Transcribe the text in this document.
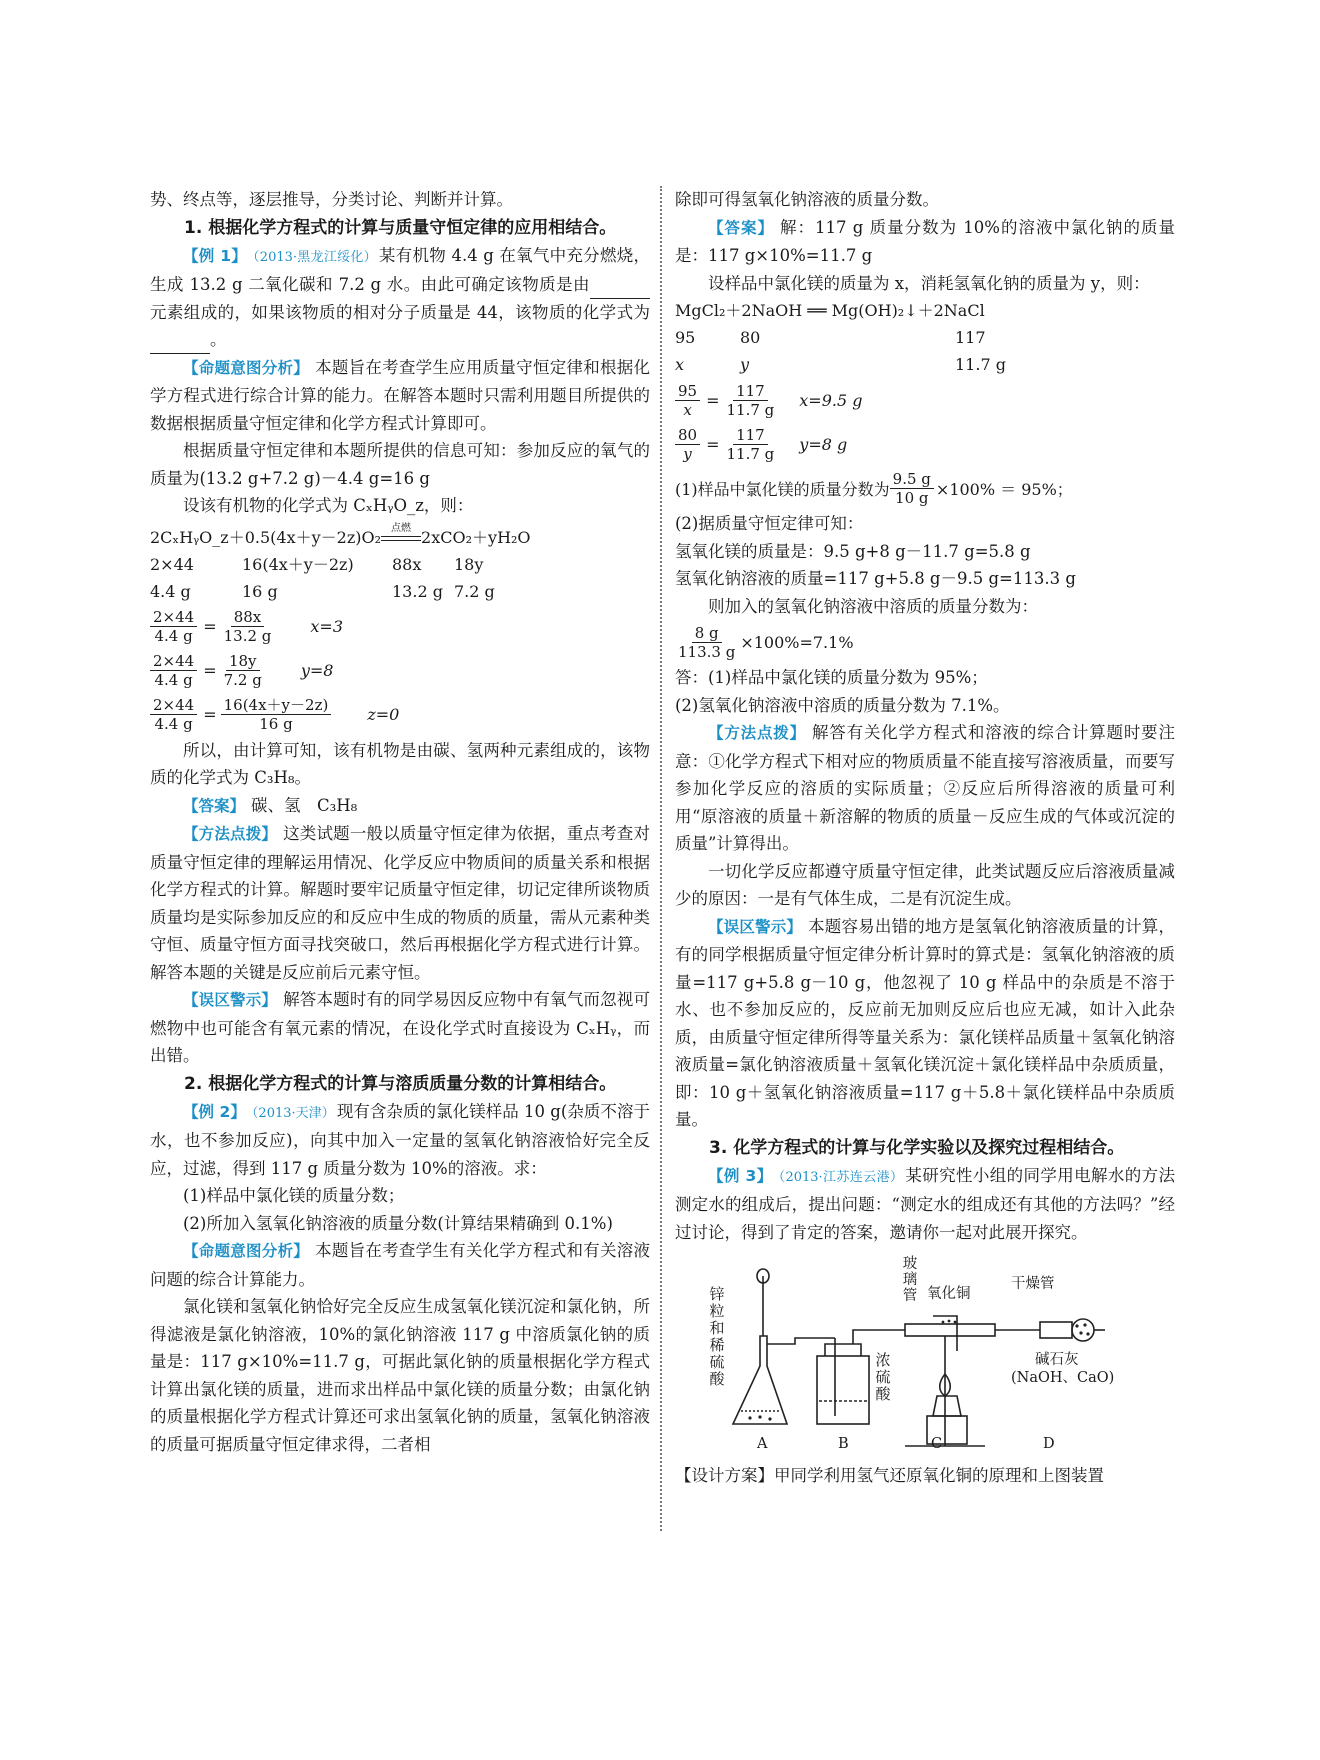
势、终点等，逐层推导，分类讨论、判断并计算。

1. 根据化学方程式的计算与质量守恒定律的应用相结合。

【例 1】 （2013·黑龙江绥化） 某有机物 4.4 g 在氧气中充分燃烧，生成 13.2 g 二氧化碳和 7.2 g 水。由此可确定该物质是由元素组成的，如果该物质的相对分子质量是 44，该物质的化学式为。

【命题意图分析】 本题旨在考查学生应用质量守恒定律和根据化学方程式进行综合计算的能力。在解答本题时只需利用题目所提供的数据根据质量守恒定律和化学方程式计算即可。

根据质量守恒定律和本题所提供的信息可知：参加反应的氧气的质量为(13.2 g+7.2 g)－4.4 g=16 g

设该有机物的化学式为 CₓHᵧO_z，则：

2CₓHᵧO_z＋0.5(4x＋y－2z)O₂	点燃 2xCO₂＋yH₂O
2×44	16(4x＋y－2z)	88x	18y
4.4 g	16 g	13.2 g 7.2 g
$\frac{2\times 44}{4.4 g} = \frac{88x}{13.2 g} x=3$
$\frac{2\times 44}{4.4 g} = \frac{18y}{7.2 g} y=8$
$\frac{2\times 44}{4.4 g} = \frac{16(4x+y-2z)}{16 g} z=0$

所以，由计算可知，该有机物是由碳、氢两种元素组成的，该物质的化学式为 C₃H₈。

【答案】 碳、氢　C₃H₈

【方法点拨】 这类试题一般以质量守恒定律为依据，重点考查对质量守恒定律的理解运用情况、化学反应中物质间的质量关系和根据化学方程式的计算。解题时要牢记质量守恒定律，切记定律所谈物质质量均是实际参加反应的和反应中生成的物质的质量，需从元素种类守恒、质量守恒方面寻找突破口，然后再根据化学方程式进行计算。解答本题的关键是反应前后元素守恒。

【误区警示】 解答本题时有的同学易因反应物中有氧气而忽视可燃物中也可能含有氧元素的情况，在设化学式时直接设为 CₓHᵧ，而出错。

2. 根据化学方程式的计算与溶质质量分数的计算相结合。

【例 2】 （2013·天津） 现有含杂质的氯化镁样品 10 g(杂质不溶于水，也不参加反应)，向其中加入一定量的氢氧化钠溶液恰好完全反应，过滤，得到 117 g 质量分数为 10%的溶液。求：

(1)样品中氯化镁的质量分数；

(2)所加入氢氧化钠溶液的质量分数(计算结果精确到 0.1%)

【命题意图分析】 本题旨在考查学生有关化学方程式和有关溶液问题的综合计算能力。

氯化镁和氢氧化钠恰好完全反应生成氢氧化镁沉淀和氯化钠，所得滤液是氯化钠溶液，10%的氯化钠溶液 117 g 中溶质氯化钠的质量是：117 g×10%=11.7 g，可据此氯化钠的质量根据化学方程式计算出氯化镁的质量，进而求出样品中氯化镁的质量分数；由氯化钠的质量根据化学方程式计算还可求出氢氧化钠的质量，氢氧化钠溶液的质量可据质量守恒定律求得，二者相

除即可得氢氧化钠溶液的质量分数。

【答案】 解：117 g 质量分数为 10%的溶液中氯化钠的质量是：117 g×10%=11.7 g

设样品中氯化镁的质量为 x，消耗氢氧化钠的质量为 y，则：

MgCl₂＋2NaOH ══ Mg(OH)₂↓＋2NaCl
95	80	117
x	y	11.7 g
$\frac{95}{x} = \frac{117}{11.7 g} x=9.5$ g
$\frac{80}{y} = \frac{117}{11.7 g} y=8$ g
(1)样品中氯化镁的质量分数为 $\frac{9.5 g}{10 g} \times 100\% = 95\%$；

(2)据质量守恒定律可知：

氢氧化镁的质量是：9.5 g+8 g－11.7 g=5.8 g

氢氧化钠溶液的质量=117 g+5.8 g－9.5 g=113.3 g

则加入的氢氧化钠溶液中溶质的质量分数为：

$\frac{8 g}{113.3 g} \times 100\%=7.1\%$

答：(1)样品中氯化镁的质量分数为 95%；

(2)氢氧化钠溶液中溶质的质量分数为 7.1%。

【方法点拨】 解答有关化学方程式和溶液的综合计算题时要注意：①化学方程式下相对应的物质质量不能直接写溶液质量，而要写参加化学反应的溶质的实际质量；②反应后所得溶液的质量可利用“原溶液的质量＋新溶解的物质的质量－反应生成的气体或沉淀的质量”计算得出。

一切化学反应都遵守质量守恒定律，此类试题反应后溶液质量减少的原因：一是有气体生成，二是有沉淀生成。

【误区警示】 本题容易出错的地方是氢氧化钠溶液质量的计算，有的同学根据质量守恒定律分析计算时的算式是：氢氧化钠溶液的质量=117 g+5.8 g－10 g，他忽视了 10 g 样品中的杂质是不溶于水、也不参加反应的，反应前无加则反应后也应无减，如计入此杂质，由质量守恒定律所得等量关系为：氯化镁样品质量＋氢氧化钠溶液质量=氯化钠溶液质量＋氢氧化镁沉淀＋氯化镁样品中杂质质量，即：10 g＋氢氧化钠溶液质量=117 g＋5.8＋氯化镁样品中杂质质量。

3. 化学方程式的计算与化学实验以及探究过程相结合。

【例 3】 （2013·江苏连云港） 某研究性小组的同学用电解水的方法测定水的组成后，提出问题：“测定水的组成还有其他的方法吗？”经过讨论，得到了肯定的答案，邀请你一起对此展开探究。

锌粒和稀硫酸
浓硫酸
玻璃管 氧化铜
干燥管
碱石灰
(NaOH、CaO)
A	B	C	D

【设计方案】甲同学利用氢气还原氧化铜的原理和上图装置
